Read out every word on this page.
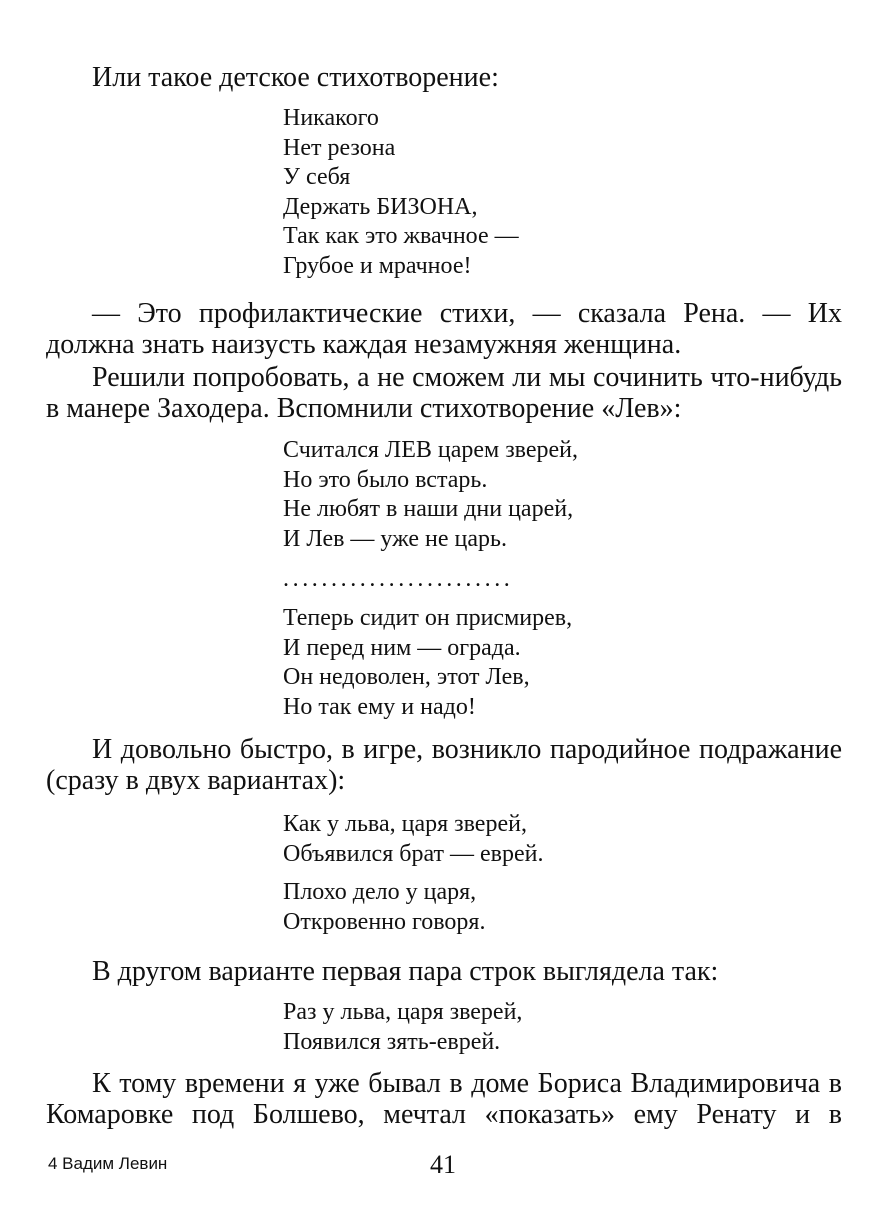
Или такое детское стихотворение:

Никакого
Нет резона
У себя
Держать БИЗОНА,
Так как это жвачное —
Грубое и мрачное!

— Это профилактические стихи, — сказала Рена. — Их должна знать наизусть каждая незамужняя женщина.

Решили попробовать, а не сможем ли мы сочинить что-нибудь в манере Заходера. Вспомнили стихотворение «Лев»:

Считался ЛЕВ царем зверей,
Но это было встарь.
Не любят в наши дни царей,
И Лев — уже не царь.
........................
Теперь сидит он присмирев,
И перед ним — ограда.
Он недоволен, этот Лев,
Но так ему и надо!

И довольно быстро, в игре, возникло пародийное подражание (сразу в двух вариантах):

Как у льва, царя зверей,
Объявился брат — еврей.
Плохо дело у царя,
Откровенно говоря.

В другом варианте первая пара строк выглядела так:

Раз у льва, царя зверей,
Появился зять-еврей.

К тому времени я уже бывал в доме Бориса Владимировича в Комаровке под Болшево, мечтал «показать» ему Ренату и в

4 Вадим Левин	41
